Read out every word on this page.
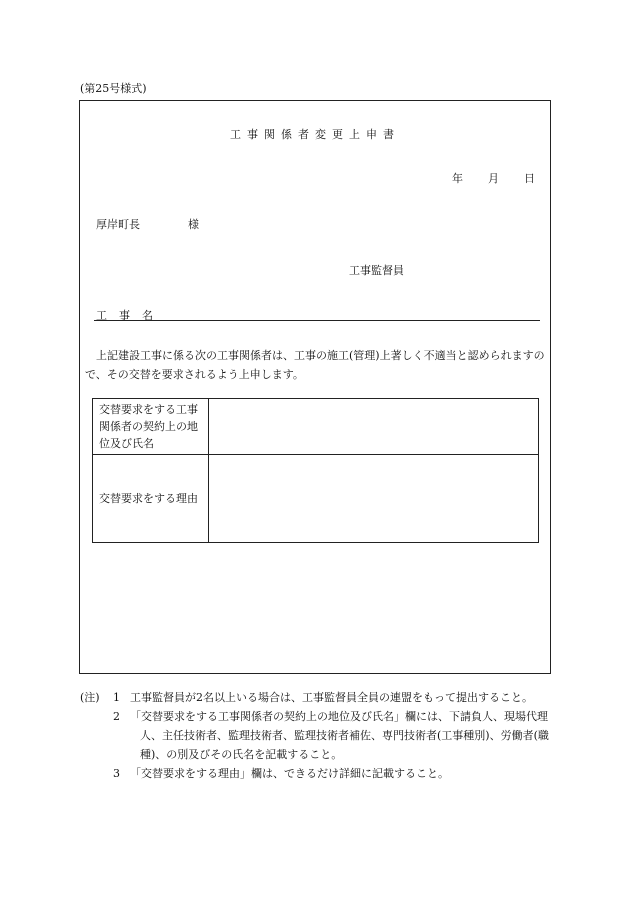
(第25号様式)
工事関係者変更上申書
年 月 日
厚岸町長	様
工事監督員
工事名
上記建設工事に係る次の工事関係者は、工事の施工(管理)上著しく不適当と認められますので、その交替を要求されるよう上申します。
交替要求をする工事関係者の契約上の地位及び氏名	

交替要求をする理由	

(注) 1 工事監督員が2名以上いる場合は、工事監督員全員の連盟をもって提出すること。
2 「交替要求をする工事関係者の契約上の地位及び氏名」欄には、下請負人、現場代理人、主任技術者、監理技術者、監理技術者補佐、専門技術者(工事種別)、労働者(職種)、の別及びその氏名を記載すること。
3 「交替要求をする理由」欄は、できるだけ詳細に記載すること。
